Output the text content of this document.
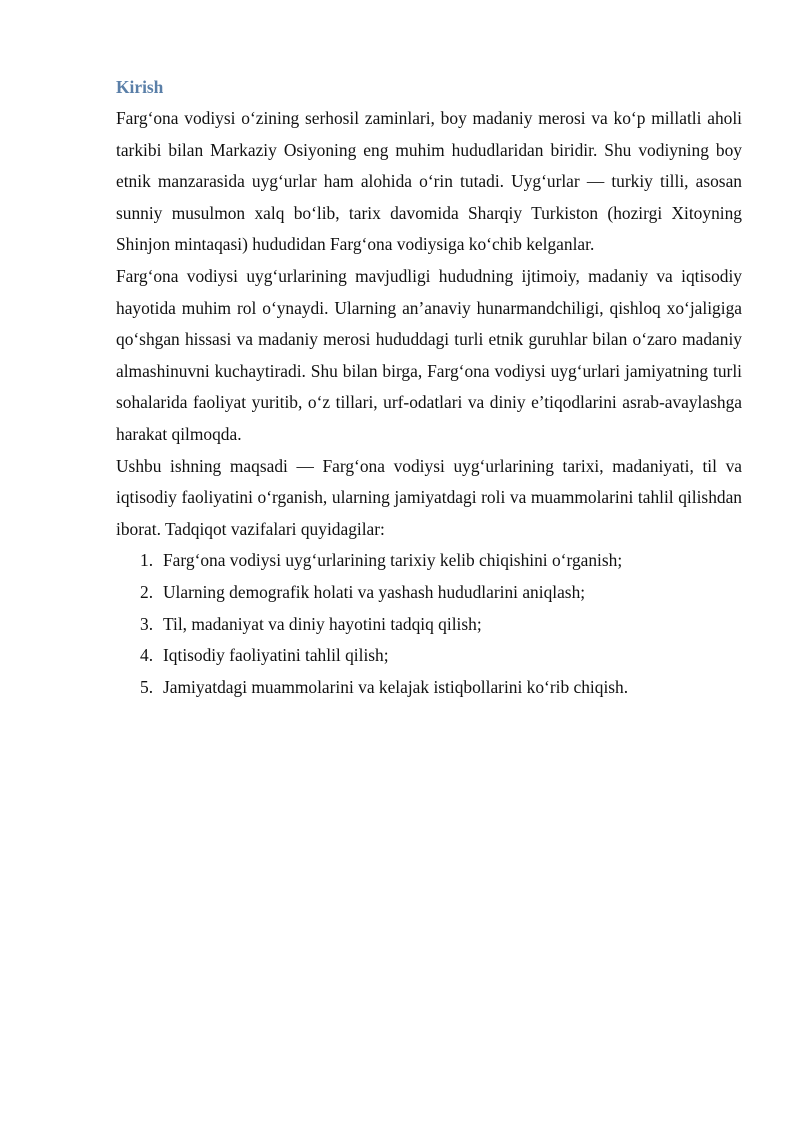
Kirish

Farg‘ona vodiysi o‘zining serhosil zaminlari, boy madaniy merosi va ko‘p millatli aholi tarkibi bilan Markaziy Osiyoning eng muhim hududlaridan biridir. Shu vodiyning boy etnik manzarasida uyg‘urlar ham alohida o‘rin tutadi. Uyg‘urlar — turkiy tilli, asosan sunniy musulmon xalq bo‘lib, tarix davomida Sharqiy Turkiston (hozirgi Xitoyning Shinjon mintaqasi) hududidan Farg‘ona vodiysiga ko‘chib kelganlar.

Farg‘ona vodiysi uyg‘urlarining mavjudligi hududning ijtimoiy, madaniy va iqtisodiy hayotida muhim rol o‘ynaydi. Ularning an’anaviy hunarmandchiligi, qishloq xo‘jaligiga qo‘shgan hissasi va madaniy merosi hududdagi turli etnik guruhlar bilan o‘zaro madaniy almashinuvni kuchaytiradi. Shu bilan birga, Farg‘ona vodiysi uyg‘urlari jamiyatning turli sohalarida faoliyat yuritib, o‘z tillari, urf-odatlari va diniy e’tiqodlarini asrab-avaylashga harakat qilmoqda.

Ushbu ishning maqsadi — Farg‘ona vodiysi uyg‘urlarining tarixi, madaniyati, til va iqtisodiy faoliyatini o‘rganish, ularning jamiyatdagi roli va muammolarini tahlil qilishdan iborat. Tadqiqot vazifalari quyidagilar:

1. Farg‘ona vodiysi uyg‘urlarining tarixiy kelib chiqishini o‘rganish;
2. Ularning demografik holati va yashash hududlarini aniqlash;
3. Til, madaniyat va diniy hayotini tadqiq qilish;
4. Iqtisodiy faoliyatini tahlil qilish;
5. Jamiyatdagi muammolarini va kelajak istiqbollarini ko‘rib chiqish.
